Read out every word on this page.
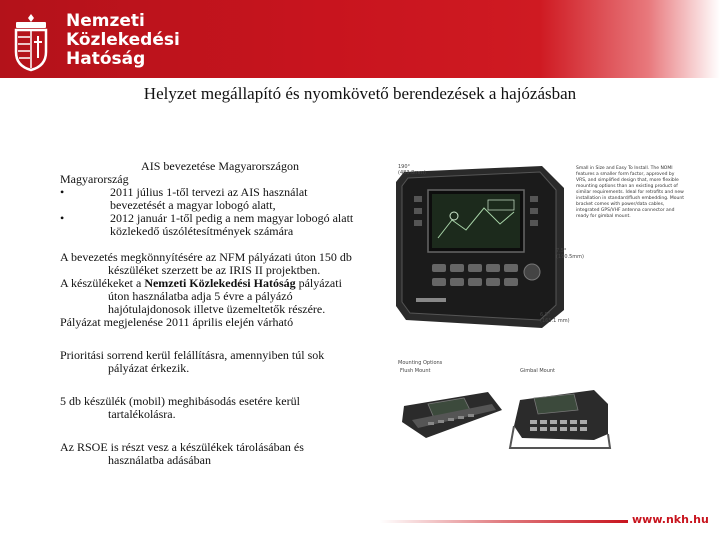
Nemzeti
Közlekedési
Hatóság
Helyzet megállapító és nyomkövető berendezések a hajózásban

AIS bevezetése Magyarországon

Magyarország

•	2011 július 1-től tervezi az AIS használat bevezetését a magyar lobogó alatt,
•	2012 január 1-től pedig a nem magyar lobogó alatt közlekedő úszólétesítmények számára

A bevezetés megkönnyítésére az NFM pályázati úton 150 db készüléket szerzett be az IRIS II projektben.

A készülékeket a Nemzeti Közlekedési Hatóság pályázati úton használatba adja 5 évre a pályázó hajótulajdonosok illetve üzemeltetők részére.

Pályázat megjelenése 2011 április elején várható

Prioritási sorrend kerül felállításra, amennyiben túl sok pályázat érkezik.

5 db készülék (mobil) meghibásodás esetére kerül tartalékolásra.

Az RSOE is részt vesz a készülékek tárolásában és használatba adásában

190°
(483.8mm)
7.5°
(190.5mm)
6.5°
(165.1 mm)
Small in Size and Easy To Install. The NOMI features a smaller form factor, approved by VRS, and simplified design that, more flexible mounting options than an existing product of similar requirements. Ideal for retrofits and new installation in standard/flush embedding. Mount bracket comes with power/data cables, integrated GPS/VHF antenna connector and ready for gimbal mount.
Mounting Options
Flush Mount	Gimbal Mount
www.nkh.hu
